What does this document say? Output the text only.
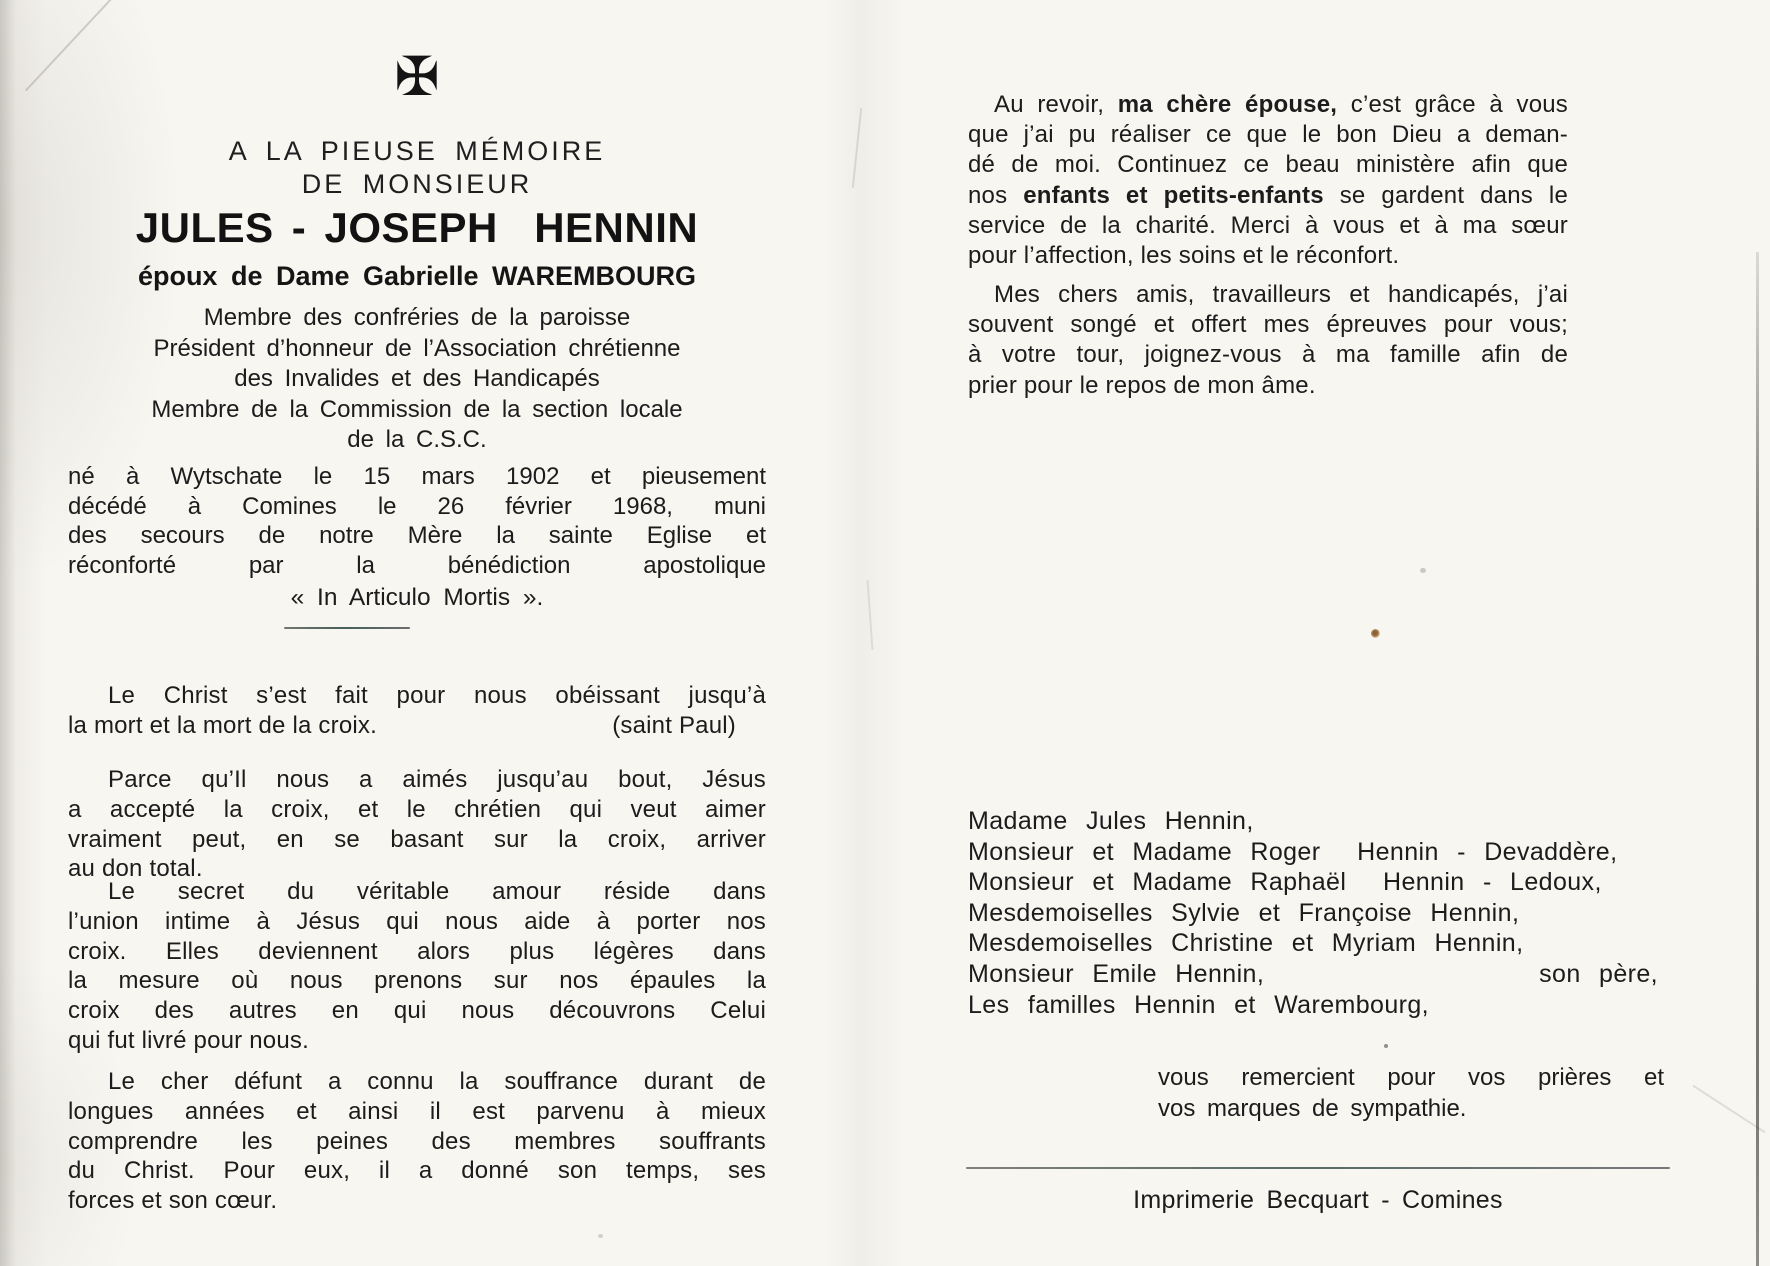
✠
A LA PIEUSE MÉMOIRE
DE MONSIEUR
JULES - JOSEPH  HENNIN
époux de Dame Gabrielle WAREMBOURG
Membre des confréries de la paroisse
Président d’honneur de l’Association chrétienne
des Invalides et des Handicapés
Membre de la Commission de la section locale
de la C.S.C.
né à Wytschate le 15 mars 1902 et pieusement
décédé à Comines le 26 février 1968, muni
des secours de notre Mère la sainte Eglise et
réconforté par la bénédiction apostolique
« In Articulo Mortis ».
Le Christ s’est fait pour nous obéissant jusqu’à
la mort et la mort de la croix.	(saint Paul)
Parce qu’Il nous a aimés jusqu’au bout, Jésus
a accepté la croix, et le chrétien qui veut aimer
vraiment peut, en se basant sur la croix, arriver
au don total.
Le secret du véritable amour réside dans
l’union intime à Jésus qui nous aide à porter nos
croix. Elles deviennent alors plus légères dans
la mesure où nous prenons sur nos épaules la
croix des autres en qui nous découvrons Celui
qui fut livré pour nous.
Le cher défunt a connu la souffrance durant de
longues années et ainsi il est parvenu à mieux
comprendre les peines des membres souffrants
du Christ. Pour eux, il a donné son temps, ses
forces et son cœur.
Au revoir, ma chère épouse, c’est grâce à vous
que j’ai pu réaliser ce que le bon Dieu a deman-
dé de moi. Continuez ce beau ministère afin que
nos enfants et petits-enfants se gardent dans le
service de la charité. Merci à vous et à ma sœur
pour l’affection, les soins et le réconfort.
Mes chers amis, travailleurs et handicapés, j’ai
souvent songé et offert mes épreuves pour vous;
à votre tour, joignez-vous à ma famille afin de
prier pour le repos de mon âme.
Madame Jules Hennin,
Monsieur et Madame Roger  Hennin - Devaddère,
Monsieur et Madame Raphaël  Hennin - Ledoux,
Mesdemoiselles Sylvie et Françoise Hennin,
Mesdemoiselles Christine et Myriam Hennin,
Monsieur Emile Hennin,	son père,
Les familles Hennin et Warembourg,
vous remercient pour vos prières et
vos marques de sympathie.
Imprimerie Becquart - Comines
